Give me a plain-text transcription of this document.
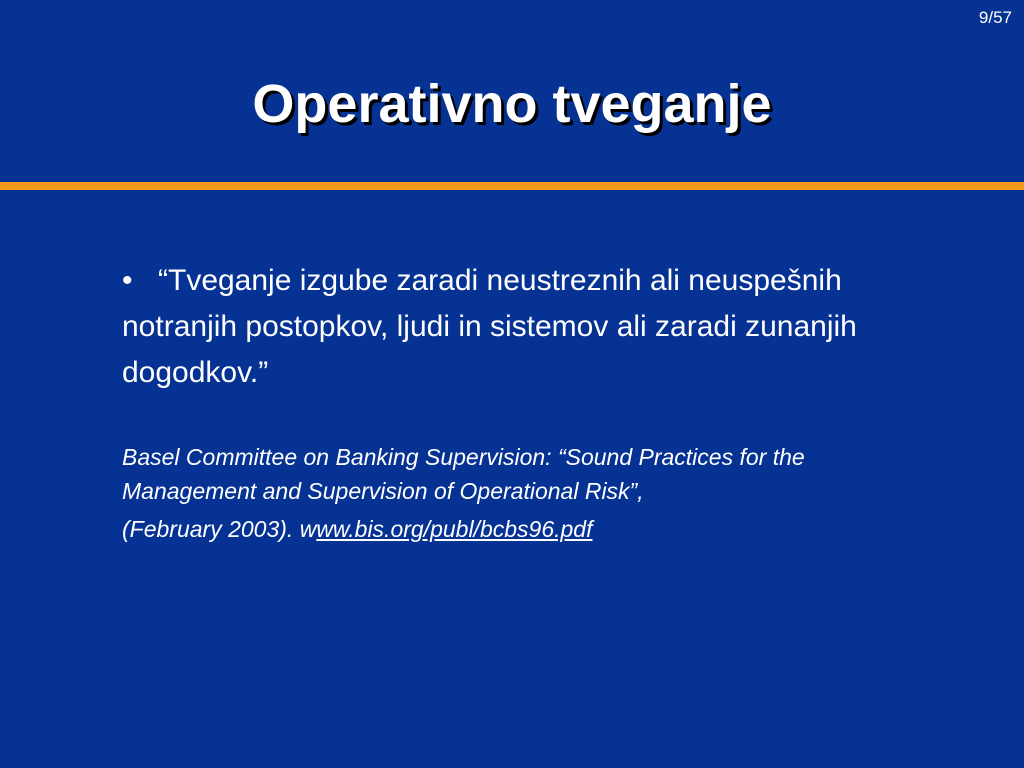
9/57
Operativno tveganje

• “Tveganje izgube zaradi neustreznih ali neuspešnih notranjih postopkov, ljudi in sistemov ali zaradi zunanjih dogodkov.”

Basel Committee on Banking Supervision: “Sound Practices for the Management and Supervision of Operational Risk”,
(February 2003). www.bis.org/publ/bcbs96.pdf
